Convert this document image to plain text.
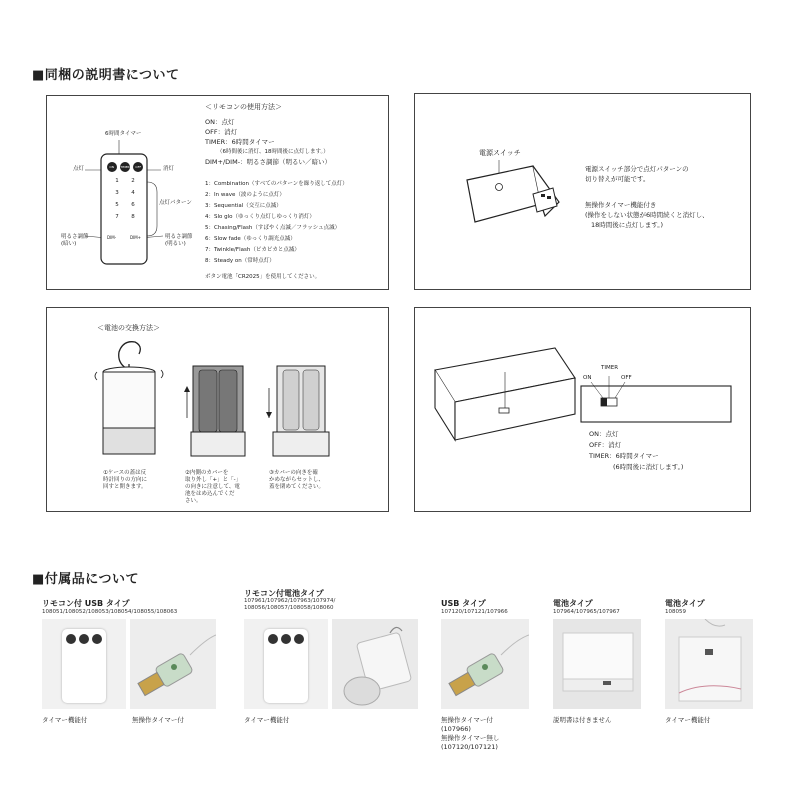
■同梱の説明書について
＜リモコンの使用方法＞
ON：点灯
OFF：消灯
TIMER：6時間タイマー
（6時間後に消灯、18時間後に点灯します。）
DIM+/DIM-：明るさ調節（明るい／暗い）
1：Combination（すべてのパターンを繰り返して点灯）
2：In wave（波のように点灯）
3：Sequential（交互に点滅）
4：Slo glo（ゆっくり点灯しゆっくり消灯）
5：Chasing/Flash（すばやく点滅／フラッシュ点滅）
6：Slow fade（ゆっくり調光点滅）
7：Twinkle/Flash（ピカピカと点滅）
8：Steady on（常時点灯）
ボタン電池「CR2025」を使用してください。
6時間タイマー
点灯	消灯
点灯パターン
明るさ調節
(暗い)
明るさ調節
(明るい)
ON	TIMER	OFF
1	2
3	4
5	6
7	8
DIM-	DIM+
電源スイッチ
電源スイッチ部分で点灯パターンの
切り替えが可能です。
無操作タイマー機能付き
(操作をしない状態が6時間続くと消灯し、
18時間後に点灯します。)
＜電池の交換方法＞
①ケースの蓋は反
時計回りの方向に
回すと開きます。
②内側のカバーを
取り外し「+」と「-」
の向きに注意して、電
池をはめ込んでくだ
さい。
③カバーの向きを確
かめながらセットし、
蓋を閉めてください。
TIMER
ON	OFF
ON：点灯
OFF：消灯
TIMER：6時間タイマー
(6時間後に消灯します。)
■付属品について
リモコン付 USB タイプ
108051/108052/108053/108054/108055/108063
タイマー機能付	無操作タイマー付
リモコン付電池タイプ
107961/107962/107963/107974/
108056/108057/108058/108060
タイマー機能付
USB タイプ
107120/107121/107966
無操作タイマー付
(107966)
無操作タイマー無し
(107120/107121)
電池タイプ
107964/107965/107967
説明書は付きません
電池タイプ
108059
タイマー機能付
